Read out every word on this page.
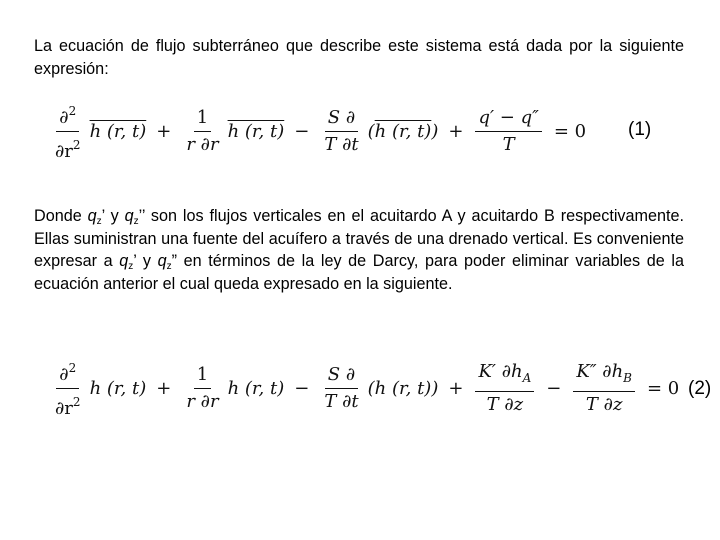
La ecuación de flujo subterráneo que describe este sistema está dada por la siguiente expresión:
$\frac{\partial^2}{\partial r^2}$ h (r, $t) + \frac{1}{r \partial r}$ h (r, $t) - \frac{S \partial}{T \partial t} (h$ (r, $t)) + \frac{q' - q''}{T} = 0$ (1)
Donde $q_z$’ y $q_z$’’ son los flujos verticales en el acuitardo A y acuitardo B respectivamente. Ellas suministran una fuente del acuífero a través de una drenado vertical. Es conveniente expresar a $q_z$’ y $q_z$” en términos de la ley de Darcy, para poder eliminar variables de la ecuación anterior el cual queda expresado en la siguiente.
$\frac{\partial^2}{\partial r^2}$ h (r, $t) + \frac{1}{r \partial r}$ h (r, $t) - \frac{S \partial}{T \partial t} (h$ (r, $t)) + \frac{K' \partial h_A}{T \partial z} - \frac{K'' \partial h_B}{T \partial z} = 0$ (2)
